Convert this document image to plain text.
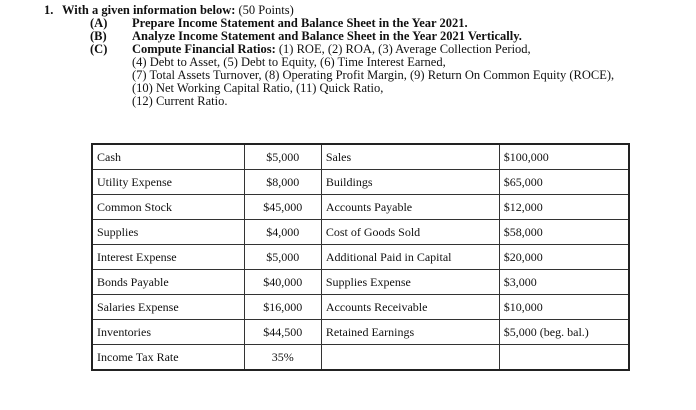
1. With a given information below:
(50 Points)
(A)	Prepare Income Statement and Balance Sheet in the Year 2021.
(B)	Analyze Income Statement and Balance Sheet in the Year 2021 Vertically.
(C)	Compute Financial Ratios: (1) ROE, (2) ROA, (3) Average Collection Period,
(4) Debt to Asset, (5) Debt to Equity, (6) Time Interest Earned,
(7) Total Assets Turnover, (8) Operating Profit Margin, (9) Return On Common Equity (ROCE),
(10) Net Working Capital Ratio, (11) Quick Ratio,
(12) Current Ratio.
Cash	$5,000	Sales	$100,000
Utility Expense	$8,000	Buildings	$65,000
Common Stock	$45,000	Accounts Payable	$12,000
Supplies	$4,000	Cost of Goods Sold	$58,000
Interest Expense	$5,000	Additional Paid in Capital	$20,000
Bonds Payable	$40,000	Supplies Expense	$3,000
Salaries Expense	$16,000	Accounts Receivable	$10,000
Inventories	$44,500	Retained Earnings	$5,000 (beg. bal.)
Income Tax Rate	35%		
